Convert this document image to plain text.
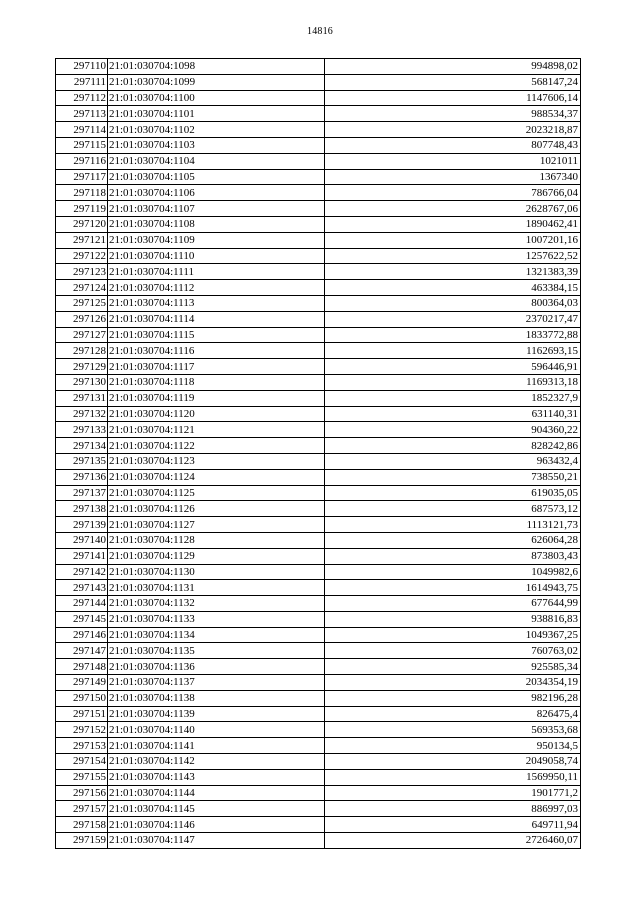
14816
297110	21:01:030704:1098	994898,02
297111	21:01:030704:1099	568147,24
297112	21:01:030704:1100	1147606,14
297113	21:01:030704:1101	988534,37
297114	21:01:030704:1102	2023218,87
297115	21:01:030704:1103	807748,43
297116	21:01:030704:1104	1021011
297117	21:01:030704:1105	1367340
297118	21:01:030704:1106	786766,04
297119	21:01:030704:1107	2628767,06
297120	21:01:030704:1108	1890462,41
297121	21:01:030704:1109	1007201,16
297122	21:01:030704:1110	1257622,52
297123	21:01:030704:1111	1321383,39
297124	21:01:030704:1112	463384,15
297125	21:01:030704:1113	800364,03
297126	21:01:030704:1114	2370217,47
297127	21:01:030704:1115	1833772,88
297128	21:01:030704:1116	1162693,15
297129	21:01:030704:1117	596446,91
297130	21:01:030704:1118	1169313,18
297131	21:01:030704:1119	1852327,9
297132	21:01:030704:1120	631140,31
297133	21:01:030704:1121	904360,22
297134	21:01:030704:1122	828242,86
297135	21:01:030704:1123	963432,4
297136	21:01:030704:1124	738550,21
297137	21:01:030704:1125	619035,05
297138	21:01:030704:1126	687573,12
297139	21:01:030704:1127	1113121,73
297140	21:01:030704:1128	626064,28
297141	21:01:030704:1129	873803,43
297142	21:01:030704:1130	1049982,6
297143	21:01:030704:1131	1614943,75
297144	21:01:030704:1132	677644,99
297145	21:01:030704:1133	938816,83
297146	21:01:030704:1134	1049367,25
297147	21:01:030704:1135	760763,02
297148	21:01:030704:1136	925585,34
297149	21:01:030704:1137	2034354,19
297150	21:01:030704:1138	982196,28
297151	21:01:030704:1139	826475,4
297152	21:01:030704:1140	569353,68
297153	21:01:030704:1141	950134,5
297154	21:01:030704:1142	2049058,74
297155	21:01:030704:1143	1569950,11
297156	21:01:030704:1144	1901771,2
297157	21:01:030704:1145	886997,03
297158	21:01:030704:1146	649711,94
297159	21:01:030704:1147	2726460,07
